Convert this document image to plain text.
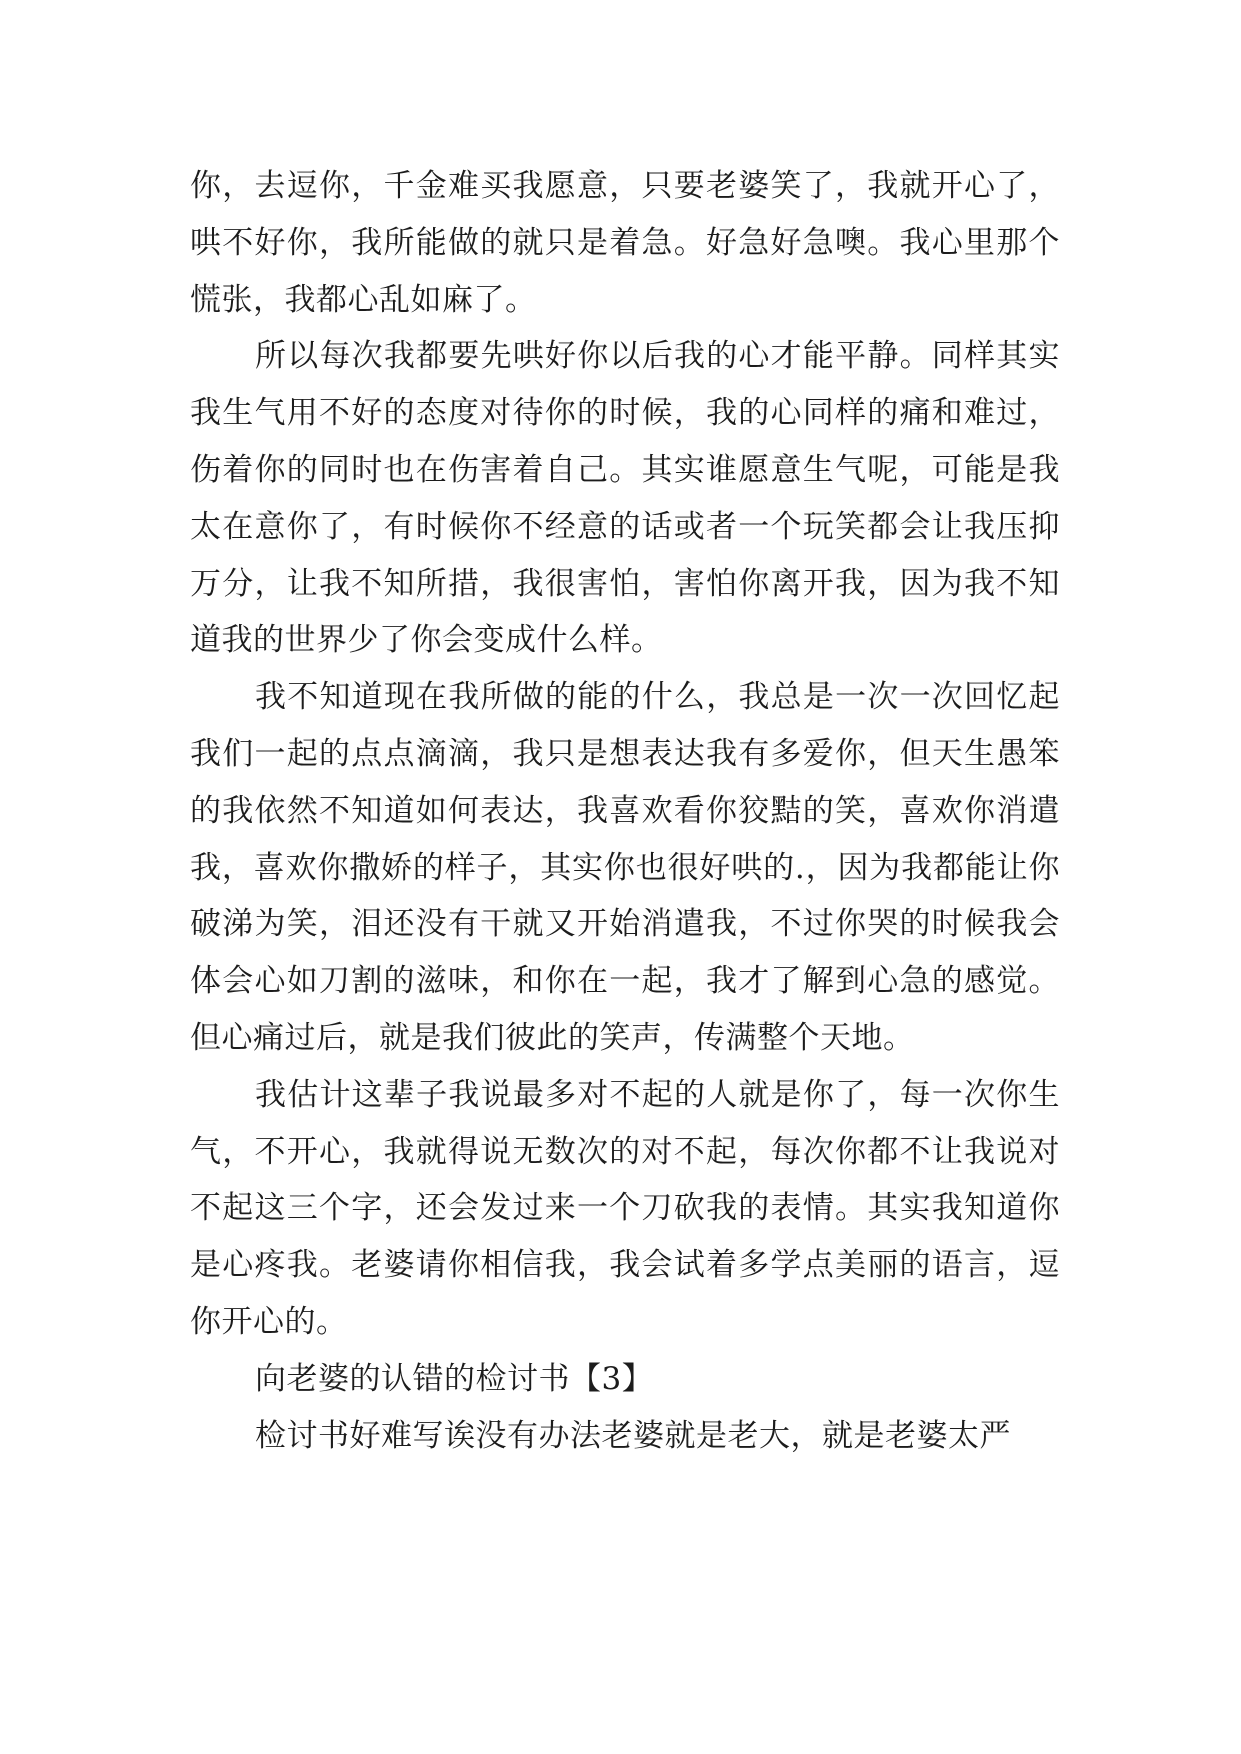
你，去逗你，千金难买我愿意，只要老婆笑了，我就开心了，哄不好你，我所能做的就只是着急。好急好急噢。我心里那个慌张，我都心乱如麻了。

所以每次我都要先哄好你以后我的心才能平静。同样其实我生气用不好的态度对待你的时候，我的心同样的痛和难过，伤着你的同时也在伤害着自己。其实谁愿意生气呢，可能是我太在意你了，有时候你不经意的话或者一个玩笑都会让我压抑万分，让我不知所措，我很害怕，害怕你离开我，因为我不知道我的世界少了你会变成什么样。

我不知道现在我所做的能的什么，我总是一次一次回忆起我们一起的点点滴滴，我只是想表达我有多爱你，但天生愚笨的我依然不知道如何表达，我喜欢看你狡黠的笑，喜欢你消遣我，喜欢你撒娇的样子，其实你也很好哄的.，因为我都能让你破涕为笑，泪还没有干就又开始消遣我，不过你哭的时候我会体会心如刀割的滋味，和你在一起，我才了解到心急的感觉。但心痛过后，就是我们彼此的笑声，传满整个天地。

我估计这辈子我说最多对不起的人就是你了，每一次你生气，不开心，我就得说无数次的对不起，每次你都不让我说对不起这三个字，还会发过来一个刀砍我的表情。其实我知道你是心疼我。老婆请你相信我，我会试着多学点美丽的语言，逗你开心的。

向老婆的认错的检讨书【3】

检讨书好难写诶没有办法老婆就是老大，就是老婆太严
